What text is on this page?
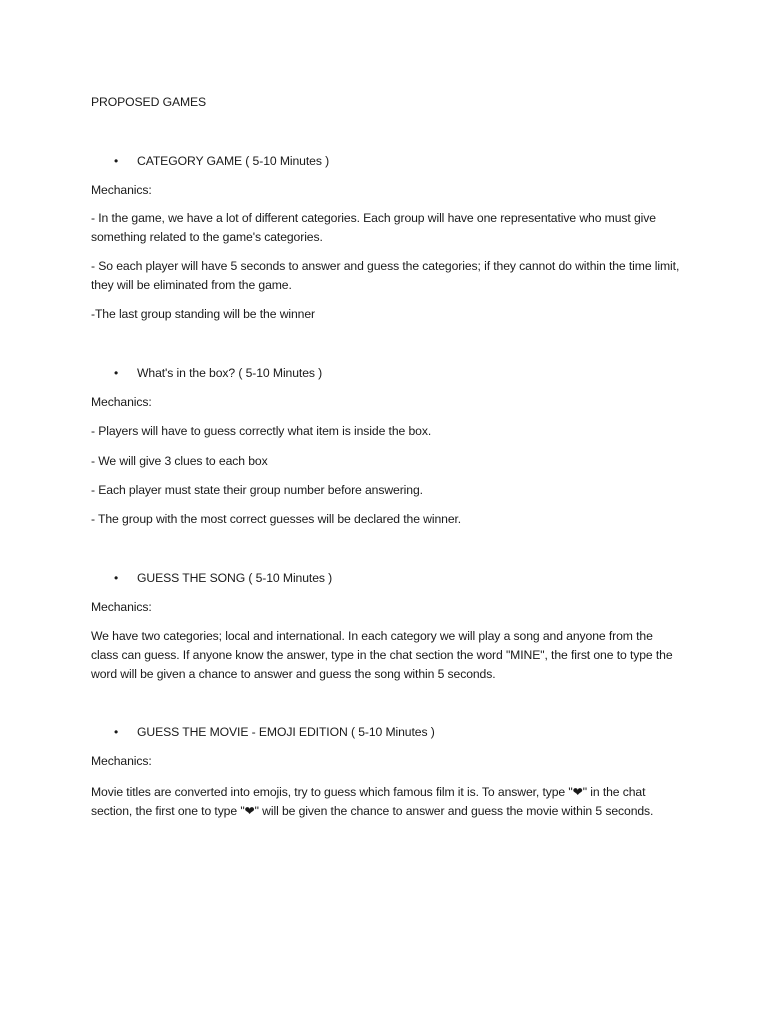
PROPOSED GAMES
•	CATEGORY GAME ( 5-10 Minutes )
Mechanics:
- In the game, we have a lot of different categories. Each group will have one representative who must give something related to the game's categories.
- So each player will have 5 seconds to answer and guess the categories; if they cannot do within the time limit, they will be eliminated from the game.
-The last group standing will be the winner
•	What's in the box? ( 5-10 Minutes )
Mechanics:
- Players will have to guess correctly what item is inside the box.
- We will give 3 clues to each box
- Each player must state their group number before answering.
- The group with the most correct guesses will be declared the winner.
•	GUESS THE SONG ( 5-10 Minutes )
Mechanics:
We have two categories; local and international. In each category we will play a song and anyone from the class can guess. If anyone know the answer, type in the chat section the word "MINE", the first one to type the word will be given a chance to answer and guess the song within 5 seconds.
•	GUESS THE MOVIE - EMOJI EDITION ( 5-10 Minutes )
Mechanics:
Movie titles are converted into emojis, try to guess which famous film it is. To answer, type "❤" in the chat section, the first one to type "❤" will be given the chance to answer and guess the movie within 5 seconds.
